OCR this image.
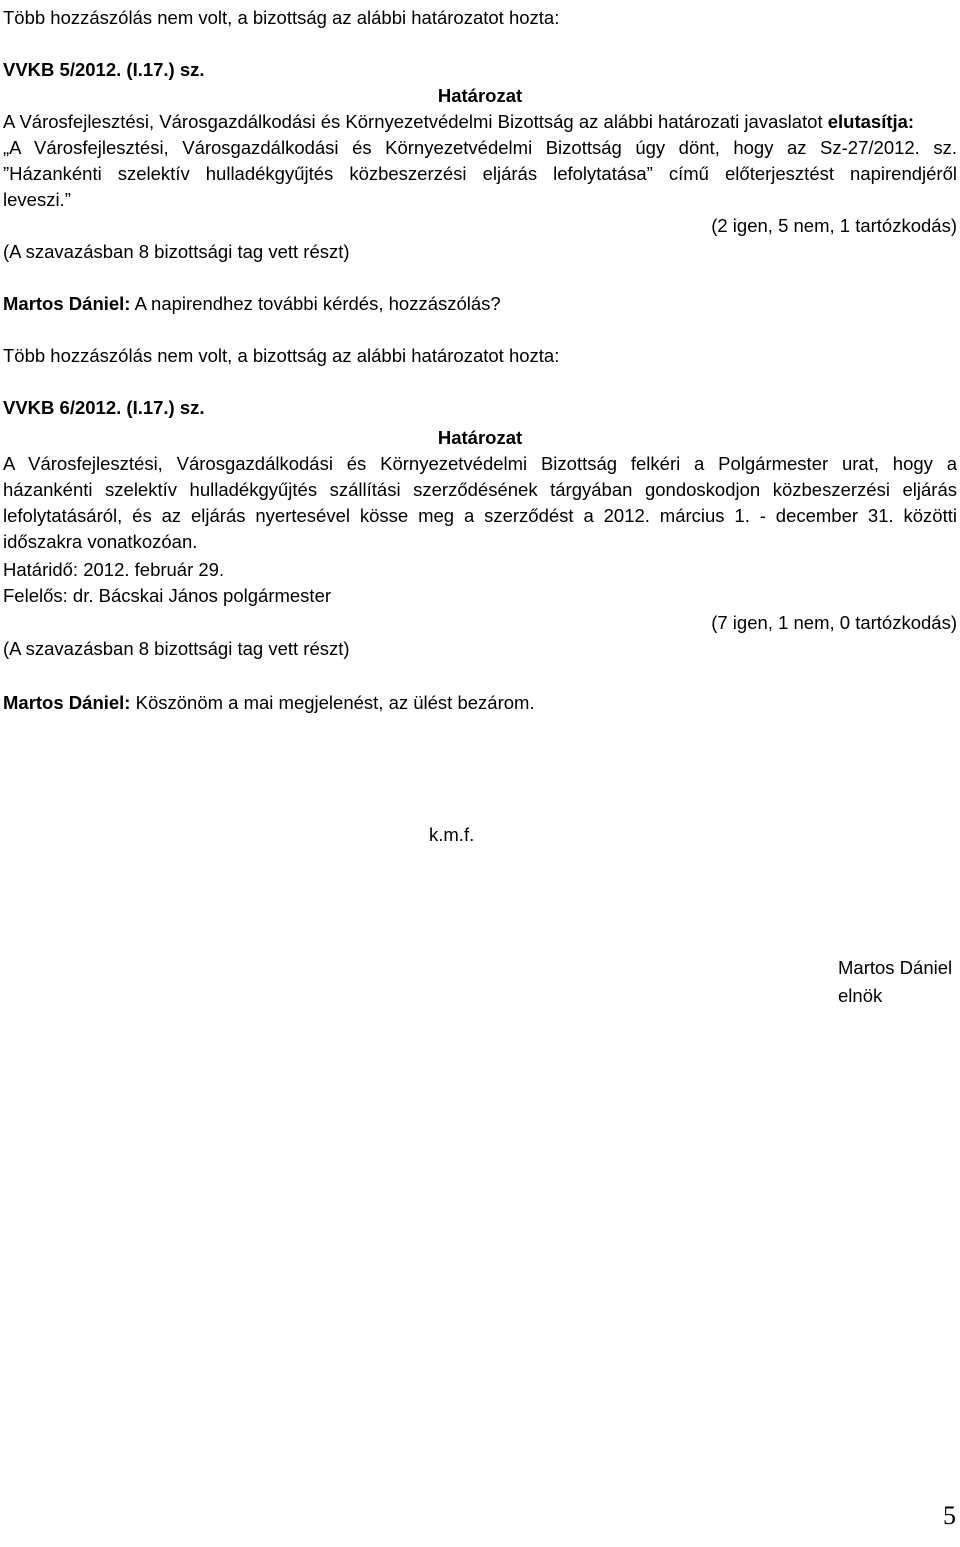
Több hozzászólás nem volt, a bizottság az alábbi határozatot hozta:
VVKB 5/2012. (I.17.) sz.
Határozat
A Városfejlesztési, Városgazdálkodási és Környezetvédelmi Bizottság az alábbi határozati javaslatot elutasítja:
„A Városfejlesztési, Városgazdálkodási és Környezetvédelmi Bizottság úgy dönt, hogy az Sz-27/2012. sz.
”Házankénti szelektív hulladékgyűjtés közbeszerzési eljárás lefolytatása” című előterjesztést napirendjéről
leveszi.”
(2 igen, 5 nem, 1 tartózkodás)
(A szavazásban 8 bizottsági tag vett részt)
Martos Dániel: A napirendhez további kérdés, hozzászólás?
Több hozzászólás nem volt, a bizottság az alábbi határozatot hozta:
VVKB 6/2012. (I.17.) sz.
Határozat
A Városfejlesztési, Városgazdálkodási és Környezetvédelmi Bizottság felkéri a Polgármester urat, hogy a
házankénti szelektív hulladékgyűjtés szállítási szerződésének tárgyában gondoskodjon közbeszerzési eljárás
lefolytatásáról, és az eljárás nyertesével kösse meg a szerződést a 2012. március 1. - december 31. közötti
időszakra vonatkozóan.
Határidő: 2012. február 29.
Felelős: dr. Bácskai János polgármester
(7 igen, 1 nem, 0 tartózkodás)
(A szavazásban 8 bizottsági tag vett részt)
Martos Dániel: Köszönöm a mai megjelenést, az ülést bezárom.
k.m.f.
Martos Dániel
elnök
5
